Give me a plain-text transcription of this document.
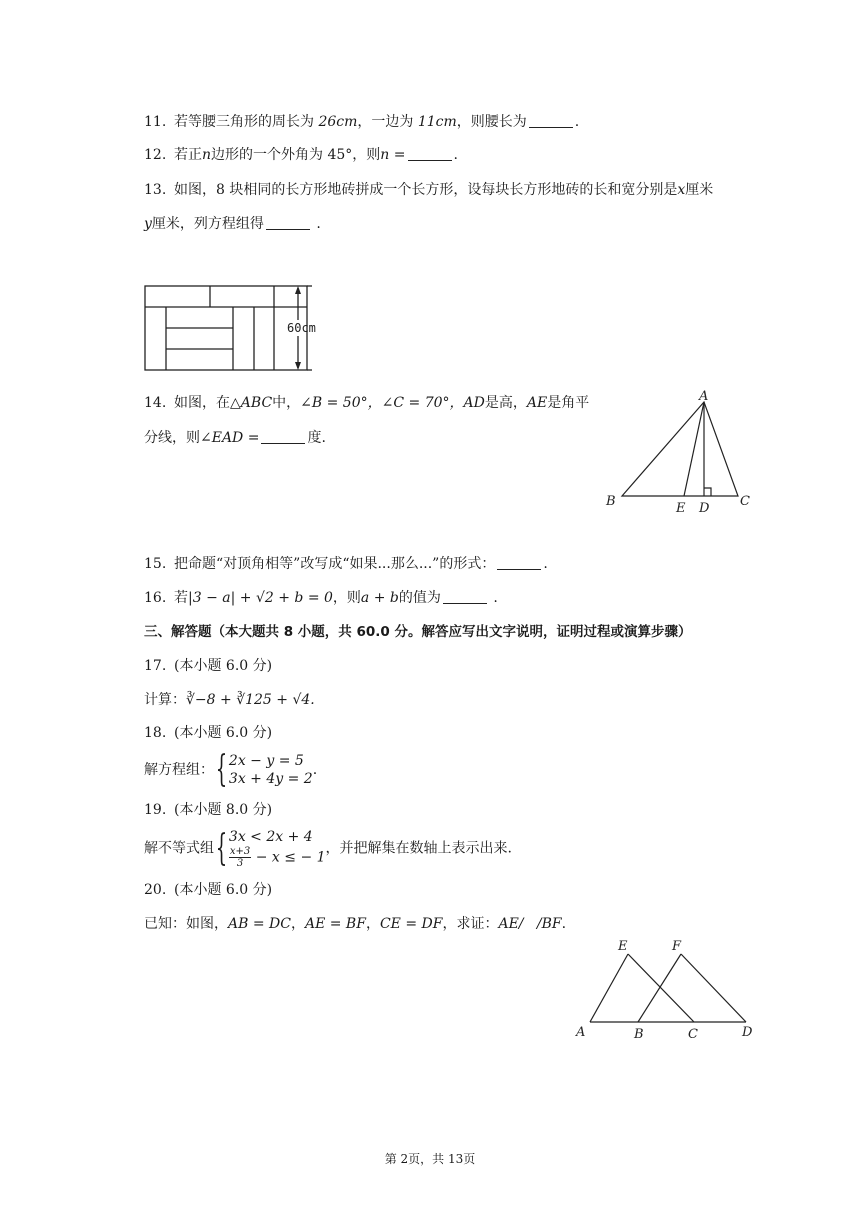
11. 若等腰三角形的周长为 26cm，一边为 11cm，则腰长为	.
12. 若正n边形的一个外角为 45°，则n =	.
13. 如图，8 块相同的长方形地砖拼成一个长方形，设每块长方形地砖的长和宽分别是x厘米
y厘米，列方程组得	.
60cm
14. 如图，在△ABC中，∠B = 50°，∠C = 70°，AD是高，AE是角平
分线，则∠EAD =	度.
A
B	C
D
E
15. 把命题“对顶角相等”改写成“如果...那么...”的形式：	.
16. 若|3 − a| + √2 + b = 0，则a + b的值为	.
三、解答题（本大题共 8 小题，共 60.0 分。解答应写出文字说明，证明过程或演算步骤）
17. (本小题 6.0 分)
计算：∛−8 + ∛125 + √4.
18. (本小题 6.0 分)
解方程组：{ 2x − y = 5
3x + 4y = 2
.
19. (本小题 8.0 分)
解不等式组{ 3x < 2x + 4
$\frac{x+3}{3} - x$ ≤ − 1
，并把解集在数轴上表示出来.
20. (本小题 6.0 分)
已知：如图，AB = DC，AE = BF，CE = DF，求证：AE/   /BF.
E	F
A	B	C	D
第 2页，共 13页
